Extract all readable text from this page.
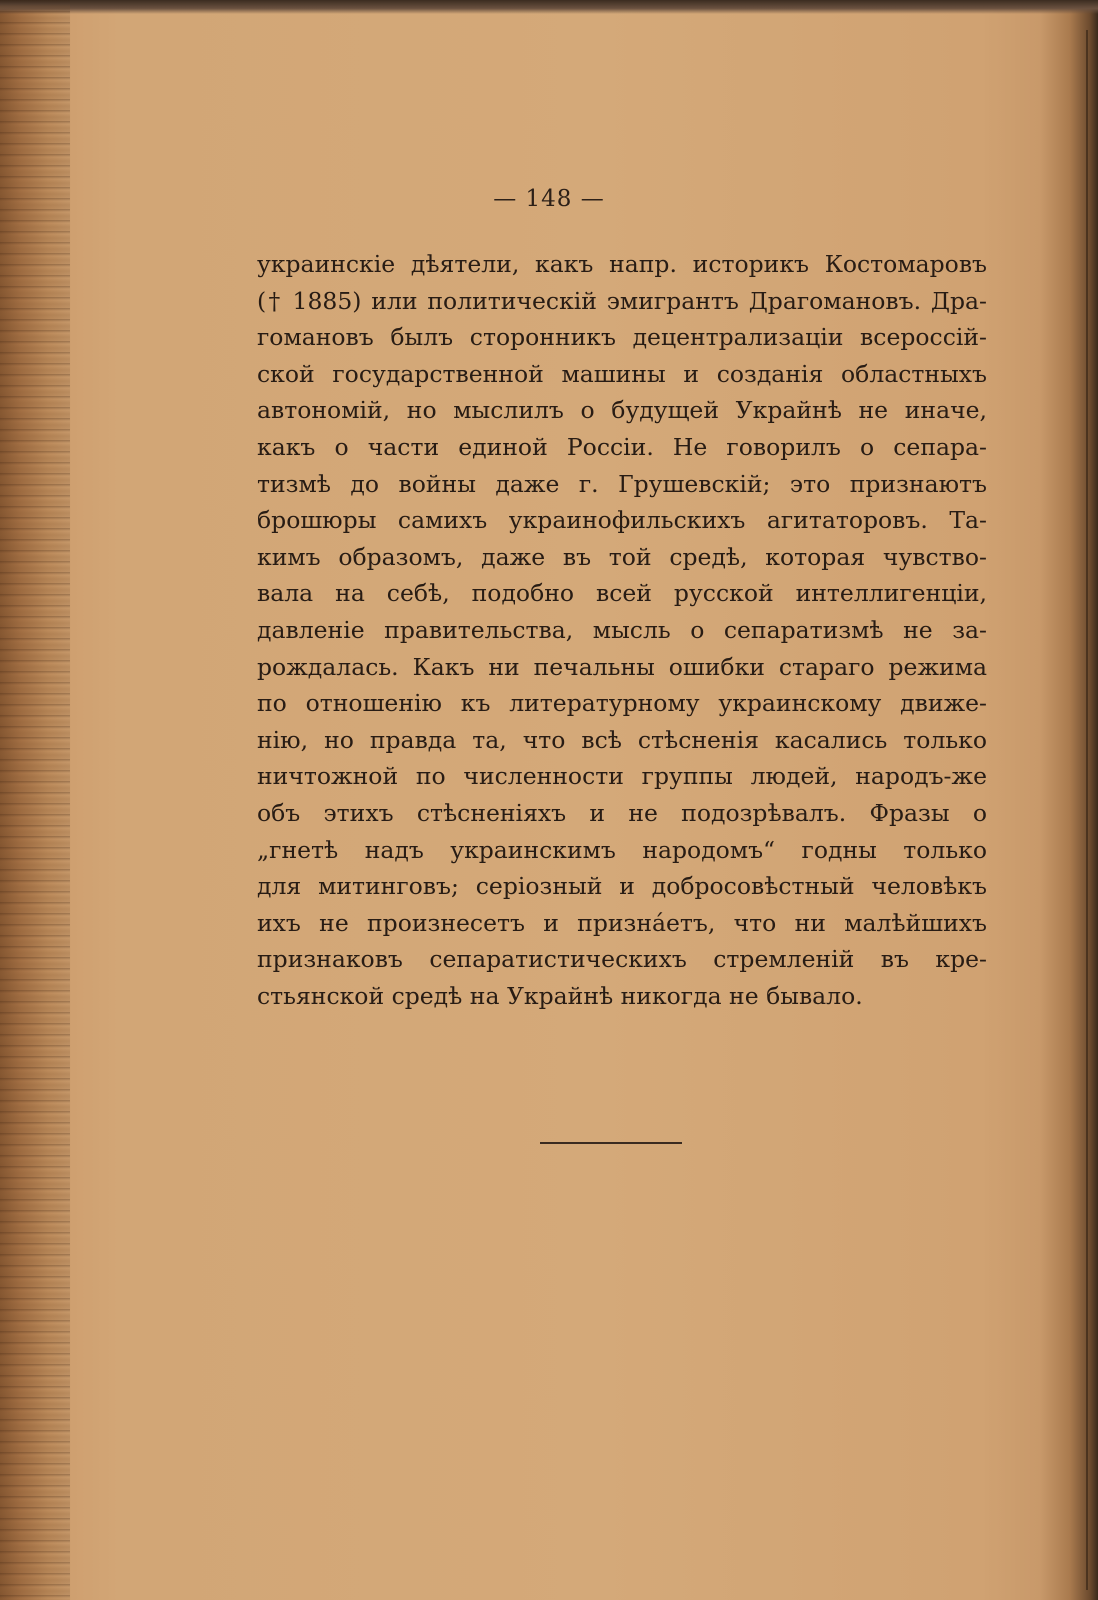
— 148 —
украинскіе дѣятели, какъ напр. историкъ Костомаровъ
(† 1885) или политическій эмигрантъ Драгомановъ. Дра-
гомановъ былъ сторонникъ децентрализаціи всероссій-
ской государственной машины и созданія областныхъ
автономій, но мыслилъ о будущей Украйнѣ не иначе,
какъ о части единой Россіи. Не говорилъ о сепара-
тизмѣ до войны даже г. Грушевскій; это признаютъ
брошюры самихъ украинофильскихъ агитаторовъ. Та-
кимъ образомъ, даже въ той средѣ, которая чувство-
вала на себѣ, подобно всей русской интеллигенціи,
давленіе правительства, мысль о сепаратизмѣ не за-
рождалась. Какъ ни печальны ошибки стараго режима
по отношенію къ литературному украинскому движе-
нію, но правда та, что всѣ стѣсненія касались только
ничтожной по численности группы людей, народъ-же
объ этихъ стѣсненіяхъ и не подозрѣвалъ. Фразы о
„гнетѣ надъ украинскимъ народомъ“ годны только
для митинговъ; серіозный и добросовѣстный человѣкъ
ихъ не произнесетъ и признáетъ, что ни малѣйшихъ
признаковъ сепаратистическихъ стремленій въ кре-
стьянской средѣ на Украйнѣ никогда не бывало.
